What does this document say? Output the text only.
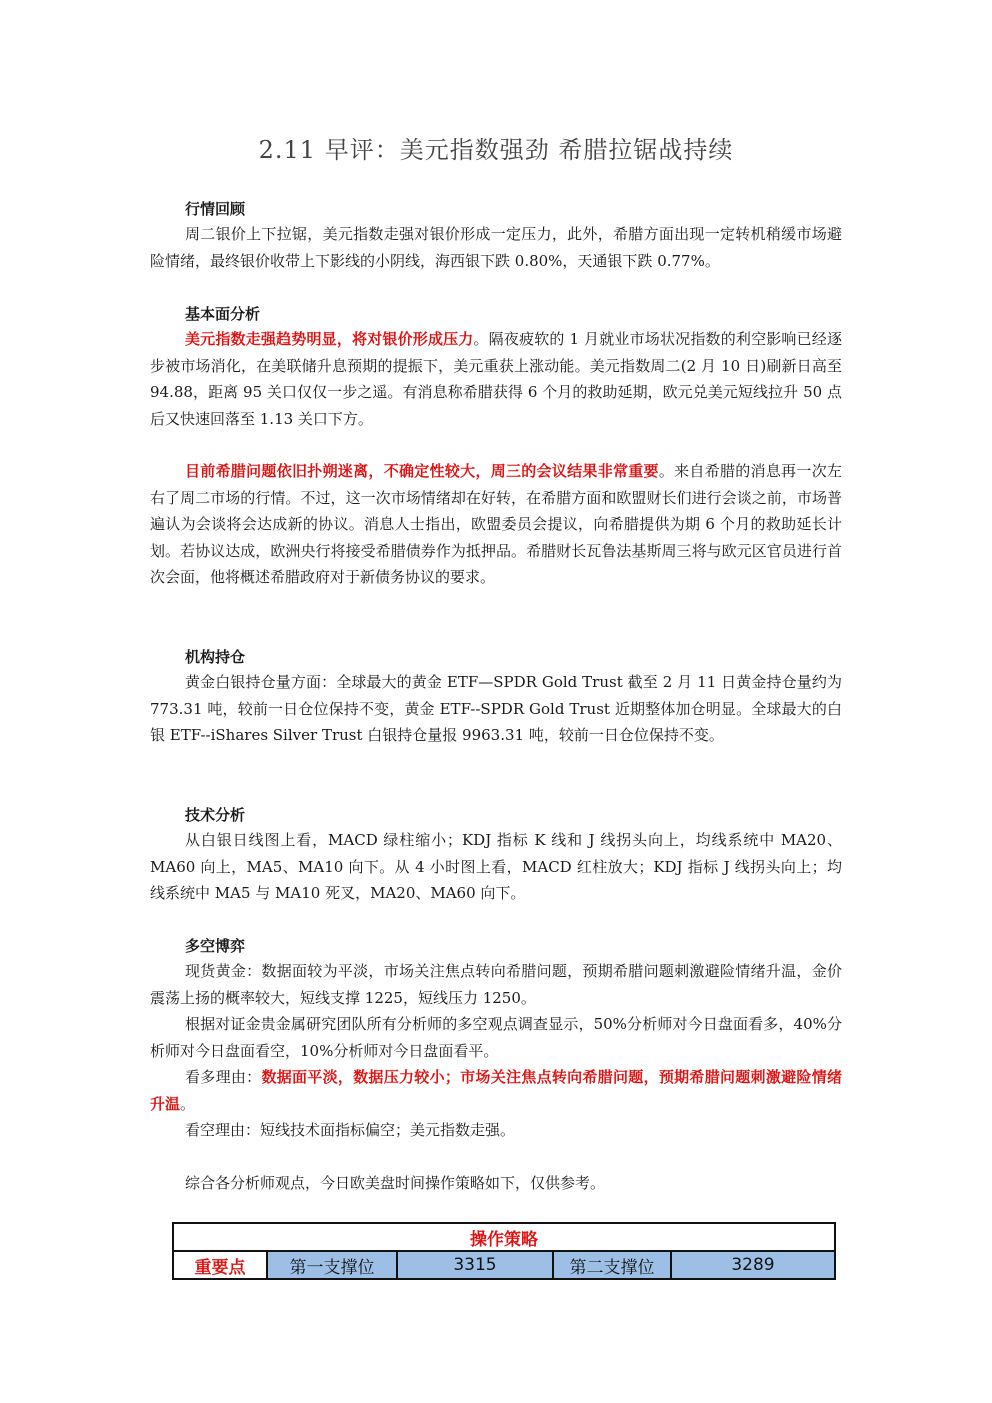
2.11 早评：美元指数强劲 希腊拉锯战持续

行情回顾

周二银价上下拉锯，美元指数走强对银价形成一定压力，此外，希腊方面出现一定转机稍缓市场避险情绪，最终银价收带上下影线的小阴线，海西银下跌 0.80%，天通银下跌 0.77%。

基本面分析

美元指数走强趋势明显，将对银价形成压力。隔夜疲软的 1 月就业市场状况指数的利空影响已经逐步被市场消化，在美联储升息预期的提振下，美元重获上涨动能。美元指数周二(2 月 10 日)刷新日高至 94.88，距离 95 关口仅仅一步之遥。有消息称希腊获得 6 个月的救助延期，欧元兑美元短线拉升 50 点后又快速回落至 1.13 关口下方。

目前希腊问题依旧扑朔迷离，不确定性较大，周三的会议结果非常重要。来自希腊的消息再一次左右了周二市场的行情。不过，这一次市场情绪却在好转，在希腊方面和欧盟财长们进行会谈之前，市场普遍认为会谈将会达成新的协议。消息人士指出，欧盟委员会提议，向希腊提供为期 6 个月的救助延长计划。若协议达成，欧洲央行将接受希腊债券作为抵押品。希腊财长瓦鲁法基斯周三将与欧元区官员进行首次会面，他将概述希腊政府对于新债务协议的要求。

机构持仓

黄金白银持仓量方面：全球最大的黄金 ETF—SPDR Gold Trust 截至 2 月 11 日黄金持仓量约为 773.31 吨，较前一日仓位保持不变，黄金 ETF--SPDR Gold Trust 近期整体加仓明显。全球最大的白银 ETF--iShares Silver Trust 白银持仓量报 9963.31 吨，较前一日仓位保持不变。

技术分析

从白银日线图上看，MACD 绿柱缩小；KDJ 指标 K 线和 J 线拐头向上，均线系统中 MA20、MA60 向上，MA5、MA10 向下。从 4 小时图上看，MACD 红柱放大；KDJ 指标 J 线拐头向上；均线系统中 MA5 与 MA10 死叉，MA20、MA60 向下。

多空博弈

现货黄金：数据面较为平淡，市场关注焦点转向希腊问题，预期希腊问题刺激避险情绪升温，金价震荡上扬的概率较大，短线支撑 1225，短线压力 1250。

根据对证金贵金属研究团队所有分析师的多空观点调查显示，50%分析师对今日盘面看多，40%分析师对今日盘面看空，10%分析师对今日盘面看平。

看多理由：数据面平淡，数据压力较小；市场关注焦点转向希腊问题，预期希腊问题刺激避险情绪升温。

看空理由：短线技术面指标偏空；美元指数走强。

综合各分析师观点，今日欧美盘时间操作策略如下，仅供参考。

操作策略
重要点	第一支撑位	3315	第二支撑位	3289
